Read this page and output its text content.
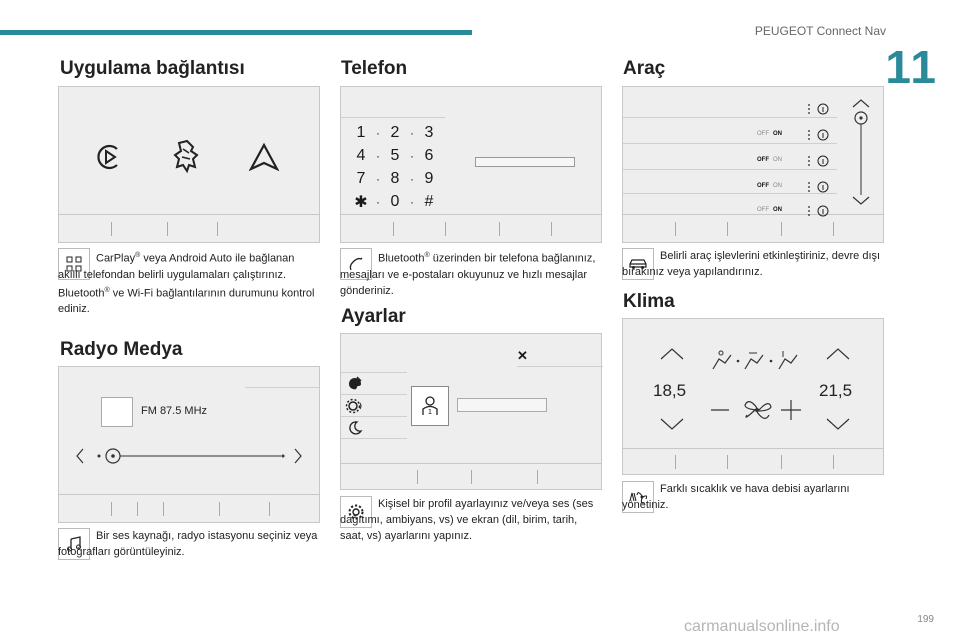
PEUGEOT Connect Nav
11
Uygulama bağlantısı
CarPlay® veya Android Auto ile bağlanan akıllı telefondan belirli uygulamaları çalıştırınız.
Bluetooth® ve Wi-Fi bağlantılarının durumunu kontrol ediniz.
Radyo Medya
FM 87.5 MHz
Bir ses kaynağı, radyo istasyonu seçiniz veya fotoğrafları görüntüleyiniz.
Telefon
1 · 2 · 3
4 · 5 · 6
7 · 8 · 9
✱ · 0 · #
Bluetooth® üzerinden bir telefona bağlanınız, mesajları ve e-postaları okuyunuz ve hızlı mesajlar gönderiniz.
Ayarlar
✕
1
Kişisel bir profil ayarlayınız ve/veya ses (ses dağıtımı, ambiyans, vs) ve ekran (dil, birim, tarih, saat, vs) ayarlarını yapınız.
Araç
OFF ON
OFF ON
OFF ON
OFF ON
Belirli araç işlevlerini etkinleştiriniz, devre dışı bırakınız veya yapılandırınız.
Klima
18,5	21,5
Farklı sıcaklık ve hava debisi ayarlarını yönetiniz.
199
carmanualsonline.info
